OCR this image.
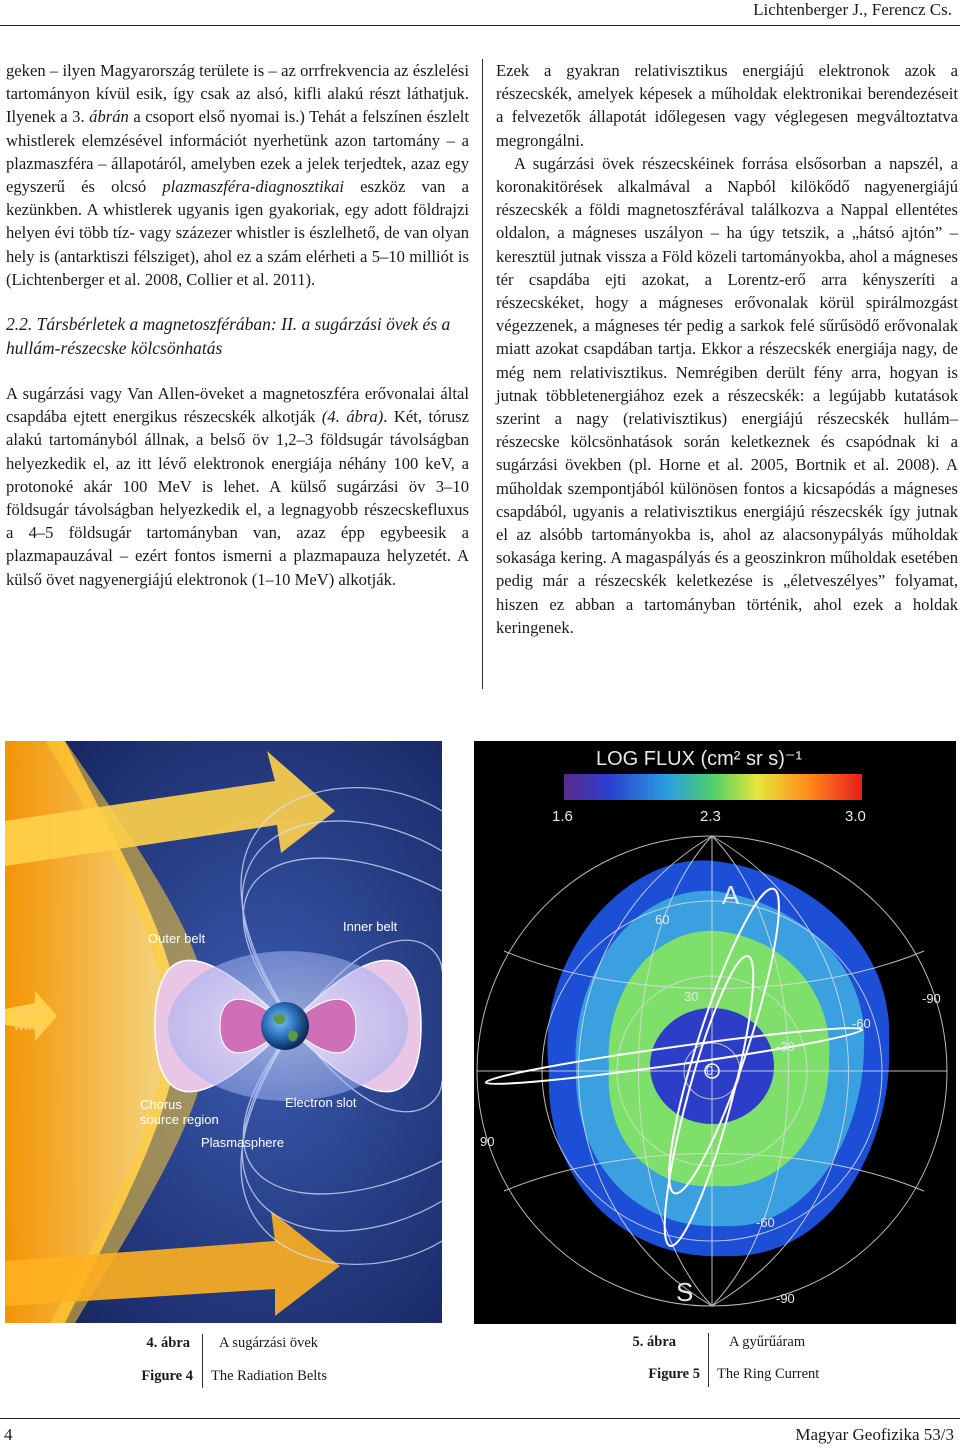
Lichtenberger J., Ferencz Cs.

geken – ilyen Magyarország területe is – az orrfrekvencia az észlelési tartományon kívül esik, így csak az alsó, kifli alakú részt láthatjuk. Ilyenek a 3. ábrán a csoport első nyomai is.) Tehát a felszínen észlelt whistlerek elemzésével információt nyerhetünk azon tartomány – a plazmaszféra – állapotáról, amelyben ezek a jelek terjedtek, azaz egy egyszerű és olcsó plazmaszféra-diagnosztikai eszköz van a kezünkben. A whistlerek ugyanis igen gyakoriak, egy adott földrajzi helyen évi több tíz- vagy százezer whistler is észlelhető, de van olyan hely is (antarktiszi félsziget), ahol ez a szám elérheti a 5–10 milliót is (Lichtenberger et al. 2008, Collier et al. 2011).

2.2. Társbérletek a magnetoszférában: II. a sugárzási övek és a hullám-részecske kölcsönhatás

A sugárzási vagy Van Allen-öveket a magnetoszféra erővonalai által csapdába ejtett energikus részecskék alkotják (4. ábra). Két, tórusz alakú tartományból állnak, a belső öv 1,2–3 földsugár távolságban helyezkedik el, az itt lévő elektronok energiája néhány 100 keV, a protonoké akár 100 MeV is lehet. A külső sugárzási öv 3–10 földsugár távolságban helyezkedik el, a legnagyobb részecskefluxus a 4–5 földsugár tartományban van, azaz épp egybeesik a plazmapauzával – ezért fontos ismerni a plazmapauza helyzetét. A külső övet nagyenergiájú elektronok (1–10 MeV) alkotják.

Ezek a gyakran relativisztikus energiájú elektronok azok a részecskék, amelyek képesek a műholdak elektronikai berendezéseit a felvezetők állapotát időlegesen vagy véglegesen megváltoztatva megrongálni.

A sugárzási övek részecskéinek forrása elsősorban a napszél, a koronakitörések alkalmával a Napból kilökődő nagyenergiájú részecskék a földi magnetoszférával találkozva a Nappal ellentétes oldalon, a mágneses uszályon – ha úgy tetszik, a „hátsó ajtón” – keresztül jutnak vissza a Föld közeli tartományokba, ahol a mágneses tér csapdába ejti azokat, a Lorentz-erő arra kényszeríti a részecskéket, hogy a mágneses erővonalak körül spirálmozgást végezzenek, a mágneses tér pedig a sarkok felé sűrűsödő erővonalak miatt azokat csapdában tartja. Ekkor a részecskék energiája nagy, de még nem relativisztikus. Nemrégiben derült fény arra, hogyan is jutnak többletenergiához ezek a részecskék: a legújabb kutatások szerint a nagy (relativisztikus) energiájú részecskék hullám–részecske kölcsönhatások során keletkeznek és csapódnak ki a sugárzási övekben (pl. Horne et al. 2005, Bortnik et al. 2008). A műholdak szempontjából különösen fontos a kicsapódás a mágneses csapdából, ugyanis a relativisztikus energiájú részecskék így jutnak el az alsóbb tartományokba is, ahol az alacsonypályás műholdak sokasága kering. A magaspályás és a geoszinkron műholdak esetében pedig már a részecskék keletkezése is „életveszélyes” folyamat, hiszen ez abban a tartományban történik, ahol ezek a holdak keringenek.

Outer belt
Inner belt
Solar
wind
Chorus
source region
Electron slot
Plasmasphere
LOG FLUX (cm² sr s)⁻¹
1.6	2.3	3.0
A
S
60
30	-90
-60
-30
0
90
-60
-90
4. ábra A sugárzási övek
Figure 4 The Radiation Belts
5. ábra	A gyűrűáram
Figure 5 The Ring Current
4	Magyar Geofizika 53/3
